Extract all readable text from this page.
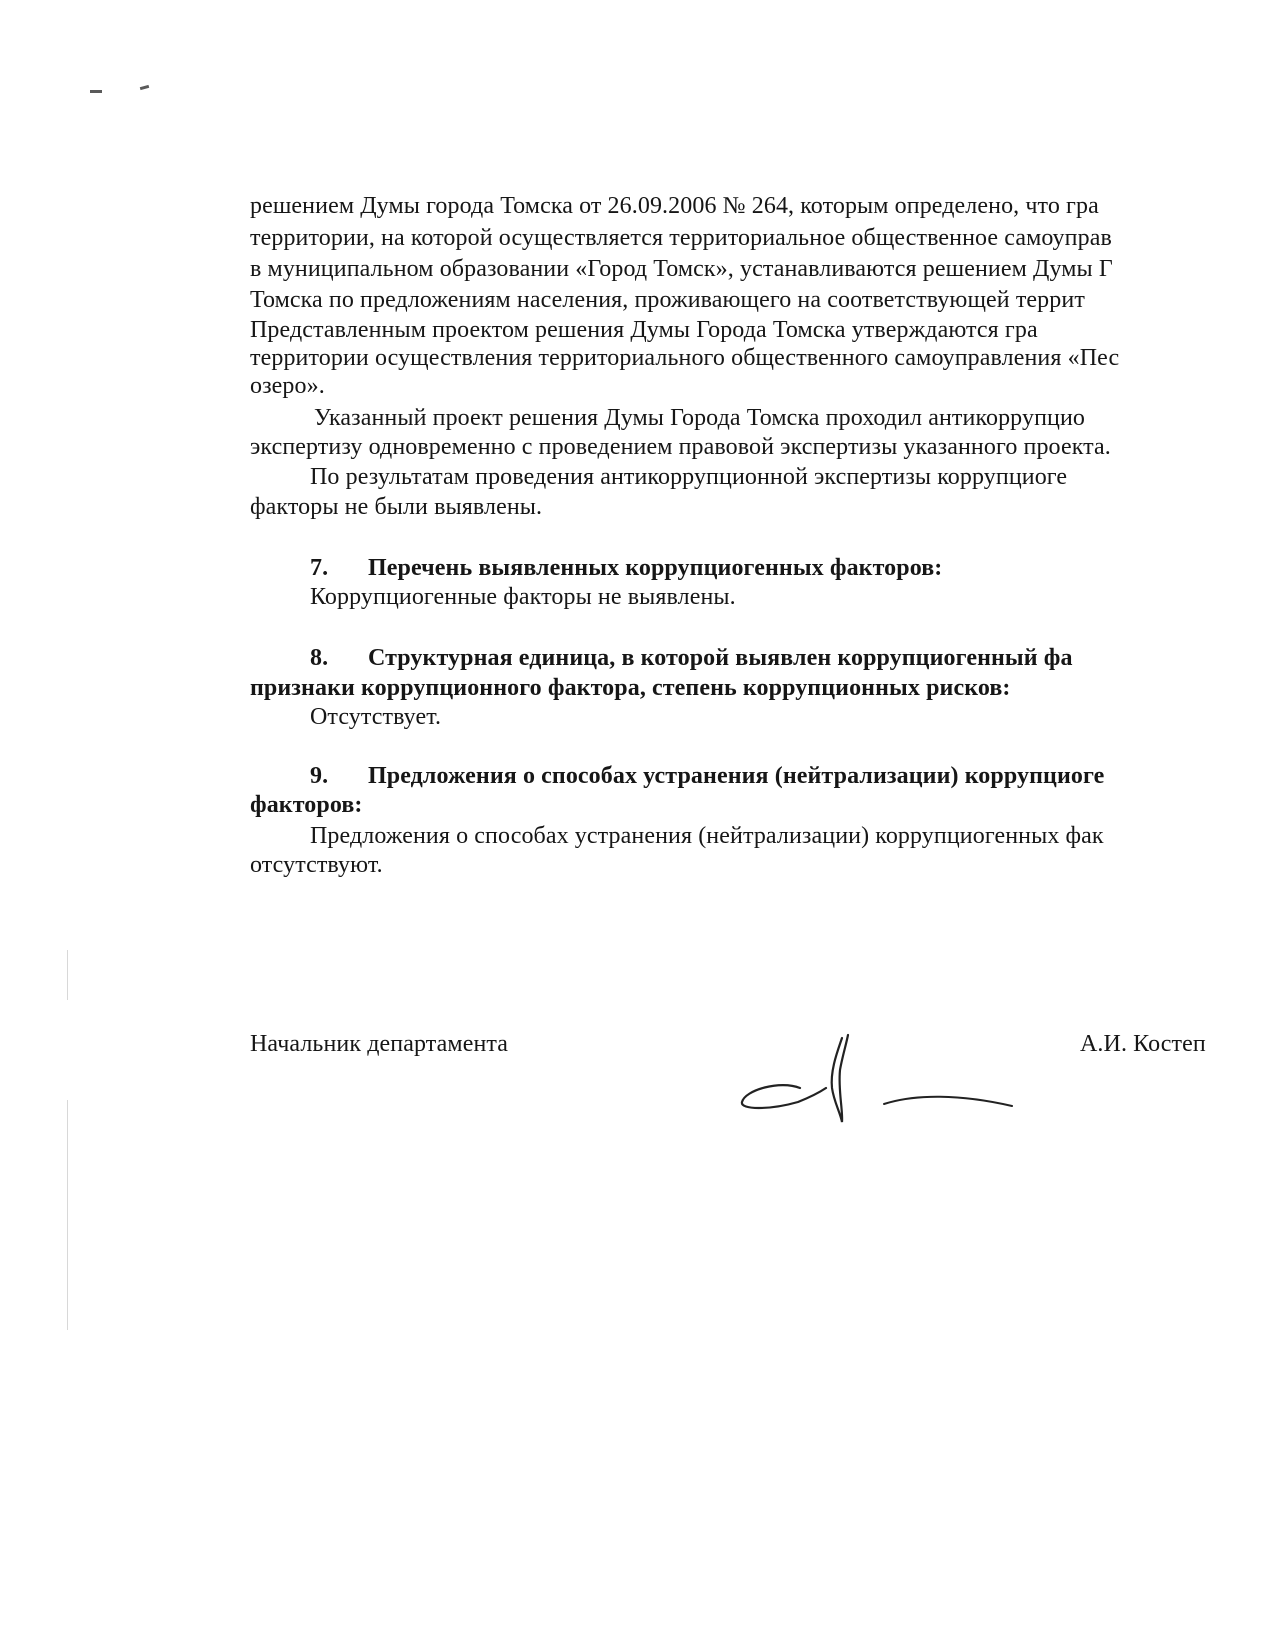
решением Думы города Томска от 26.09.2006 № 264, которым определено, что гра
территории, на которой осуществляется территориальное общественное самоуправ
в муниципальном образовании «Город Томск», устанавливаются решением Думы Г
Томска по предложениям населения, проживающего на соответствующей террит
Представленным проектом решения Думы Города Томска утверждаются гра
территории осуществления территориального общественного самоуправления «Пес
озеро».
Указанный проект решения Думы Города Томска проходил антикоррупцио
экспертизу одновременно с проведением правовой экспертизы указанного проекта.
По результатам проведения антикоррупционной экспертизы коррупциоге
факторы не были выявлены.
7. Перечень выявленных коррупциогенных факторов:
Коррупциогенные факторы не выявлены.
8. Структурная единица, в которой выявлен коррупциогенный фа
признаки коррупционного фактора, степень коррупционных рисков:
Отсутствует.
9. Предложения о способах устранения (нейтрализации) коррупциоге
факторов:
Предложения о способах устранения (нейтрализации) коррупциогенных фак
отсутствуют.
Начальник департамента	А.И. Костеп
